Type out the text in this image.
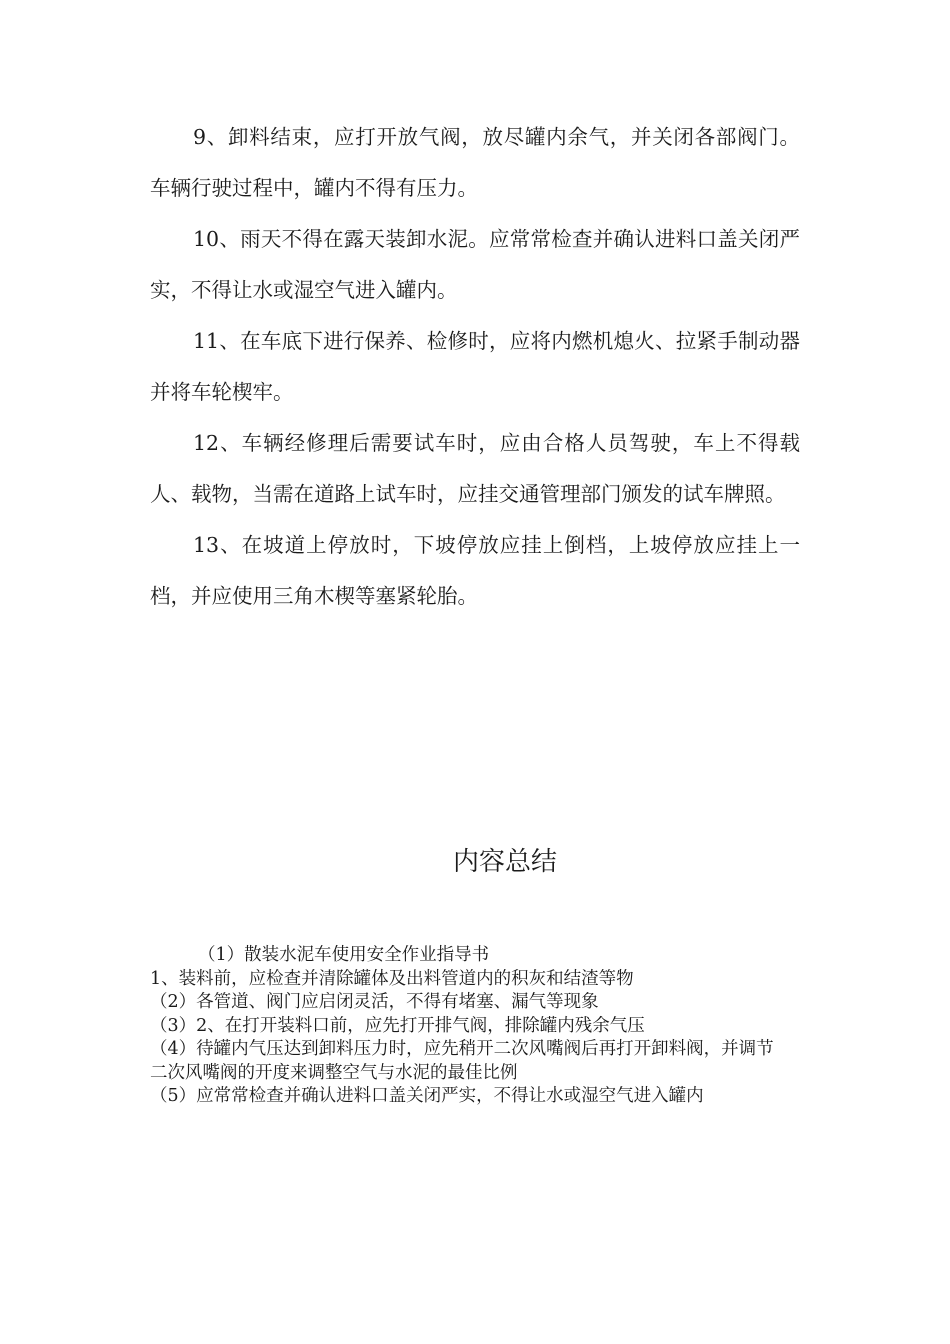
9、卸料结束，应打开放气阀，放尽罐内余气，并关闭各部阀门。车辆行驶过程中，罐内不得有压力。

10、雨天不得在露天装卸水泥。应常常检查并确认进料口盖关闭严实，不得让水或湿空气进入罐内。

11、在车底下进行保养、检修时，应将内燃机熄火、拉紧手制动器并将车轮楔牢。

12、车辆经修理后需要试车时，应由合格人员驾驶，车上不得载人、载物，当需在道路上试车时，应挂交通管理部门颁发的试车牌照。

13、在坡道上停放时，下坡停放应挂上倒档，上坡停放应挂上一档，并应使用三角木楔等塞紧轮胎。

内容总结

（1）散装水泥车使用安全作业指导书

1、装料前，应检查并清除罐体及出料管道内的积灰和结渣等物

（2）各管道、阀门应启闭灵活，不得有堵塞、漏气等现象

（3）2、在打开装料口前，应先打开排气阀，排除罐内残余气压

（4）待罐内气压达到卸料压力时，应先稍开二次风嘴阀后再打开卸料阀，并调节二次风嘴阀的开度来调整空气与水泥的最佳比例

（5）应常常检查并确认进料口盖关闭严实，不得让水或湿空气进入罐内
